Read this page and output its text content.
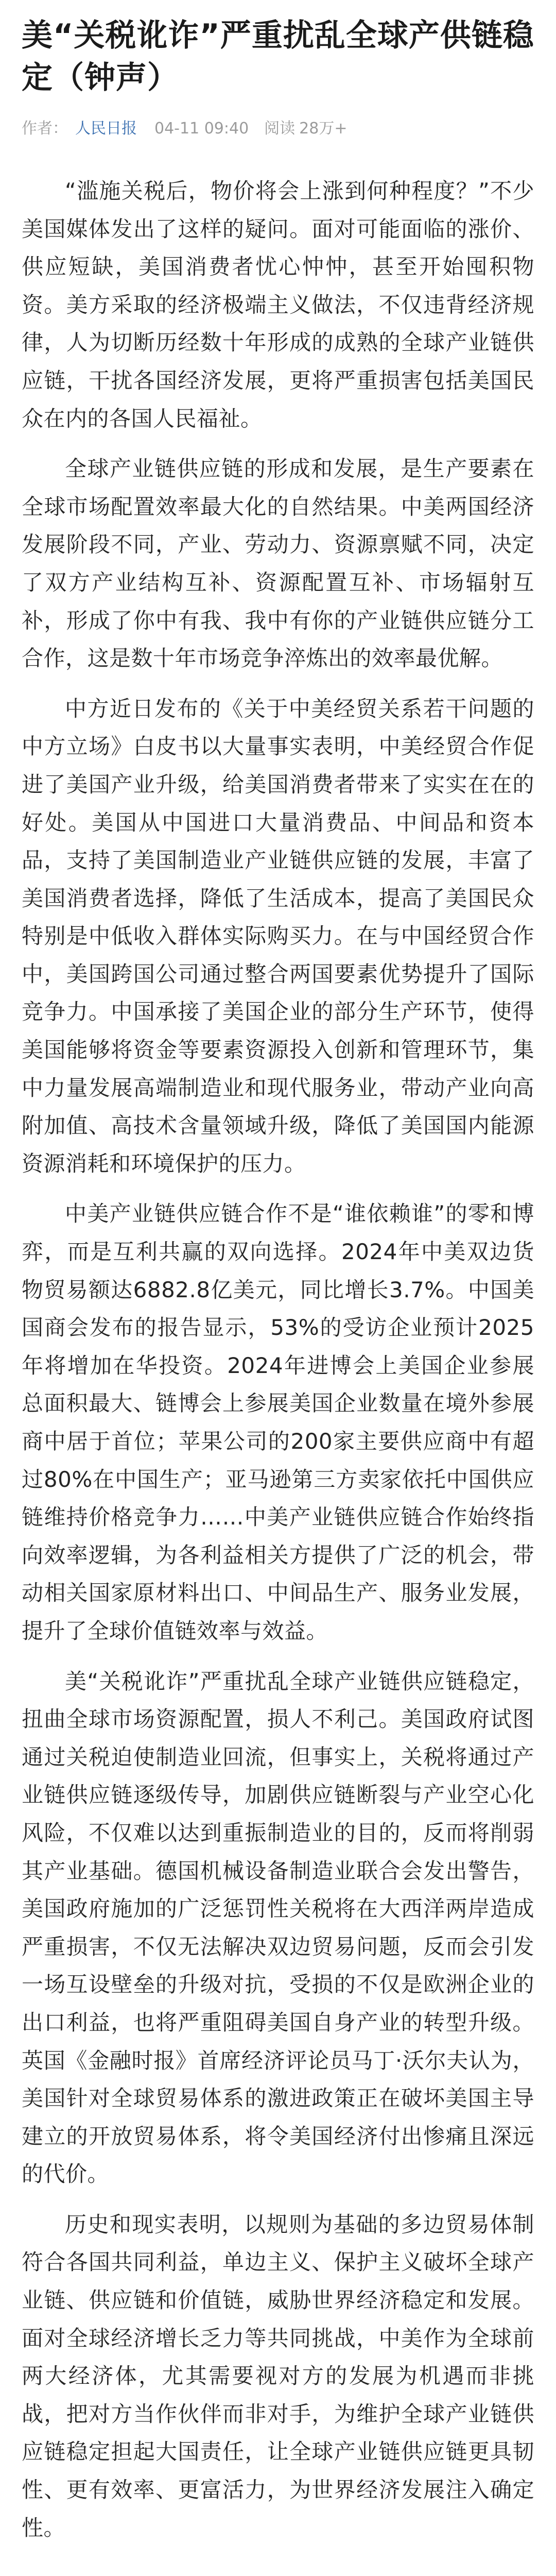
美“关税讹诈”严重扰乱全球产供链稳定（钟声）
作者： 人民日报 04-11 09:40 阅读 28万+

“滥施关税后，物价将会上涨到何种程度？”不少美国媒体发出了这样的疑问。面对可能面临的涨价、供应短缺，美国消费者忧心忡忡，甚至开始囤积物资。美方采取的经济极端主义做法，不仅违背经济规律，人为切断历经数十年形成的成熟的全球产业链供应链，干扰各国经济发展，更将严重损害包括美国民众在内的各国人民福祉。

全球产业链供应链的形成和发展，是生产要素在全球市场配置效率最大化的自然结果。中美两国经济发展阶段不同，产业、劳动力、资源禀赋不同，决定了双方产业结构互补、资源配置互补、市场辐射互补，形成了你中有我、我中有你的产业链供应链分工合作，这是数十年市场竞争淬炼出的效率最优解。

中方近日发布的《关于中美经贸关系若干问题的中方立场》白皮书以大量事实表明，中美经贸合作促进了美国产业升级，给美国消费者带来了实实在在的好处。美国从中国进口大量消费品、中间品和资本品，支持了美国制造业产业链供应链的发展，丰富了美国消费者选择，降低了生活成本，提高了美国民众特别是中低收入群体实际购买力。在与中国经贸合作中，美国跨国公司通过整合两国要素优势提升了国际竞争力。中国承接了美国企业的部分生产环节，使得美国能够将资金等要素资源投入创新和管理环节，集中力量发展高端制造业和现代服务业，带动产业向高附加值、高技术含量领域升级，降低了美国国内能源资源消耗和环境保护的压力。

中美产业链供应链合作不是“谁依赖谁”的零和博弈，而是互利共赢的双向选择。2024年中美双边货物贸易额达6882.8亿美元，同比增长3.7%。中国美国商会发布的报告显示，53%的受访企业预计2025年将增加在华投资。2024年进博会上美国企业参展总面积最大、链博会上参展美国企业数量在境外参展商中居于首位；苹果公司的200家主要供应商中有超过80%在中国生产；亚马逊第三方卖家依托中国供应链维持价格竞争力……中美产业链供应链合作始终指向效率逻辑，为各利益相关方提供了广泛的机会，带动相关国家原材料出口、中间品生产、服务业发展，提升了全球价值链效率与效益。

美“关税讹诈”严重扰乱全球产业链供应链稳定，扭曲全球市场资源配置，损人不利己。美国政府试图通过关税迫使制造业回流，但事实上，关税将通过产业链供应链逐级传导，加剧供应链断裂与产业空心化风险，不仅难以达到重振制造业的目的，反而将削弱其产业基础。德国机械设备制造业联合会发出警告，美国政府施加的广泛惩罚性关税将在大西洋两岸造成严重损害，不仅无法解决双边贸易问题，反而会引发一场互设壁垒的升级对抗，受损的不仅是欧洲企业的出口利益，也将严重阻碍美国自身产业的转型升级。英国《金融时报》首席经济评论员马丁·沃尔夫认为，美国针对全球贸易体系的激进政策正在破坏美国主导建立的开放贸易体系，将令美国经济付出惨痛且深远的代价。

历史和现实表明，以规则为基础的多边贸易体制符合各国共同利益，单边主义、保护主义破坏全球产业链、供应链和价值链，威胁世界经济稳定和发展。面对全球经济增长乏力等共同挑战，中美作为全球前两大经济体，尤其需要视对方的发展为机遇而非挑战，把对方当作伙伴而非对手，为维护全球产业链供应链稳定担起大国责任，让全球产业链供应链更具韧性、更有效率、更富活力，为世界经济发展注入确定性。
